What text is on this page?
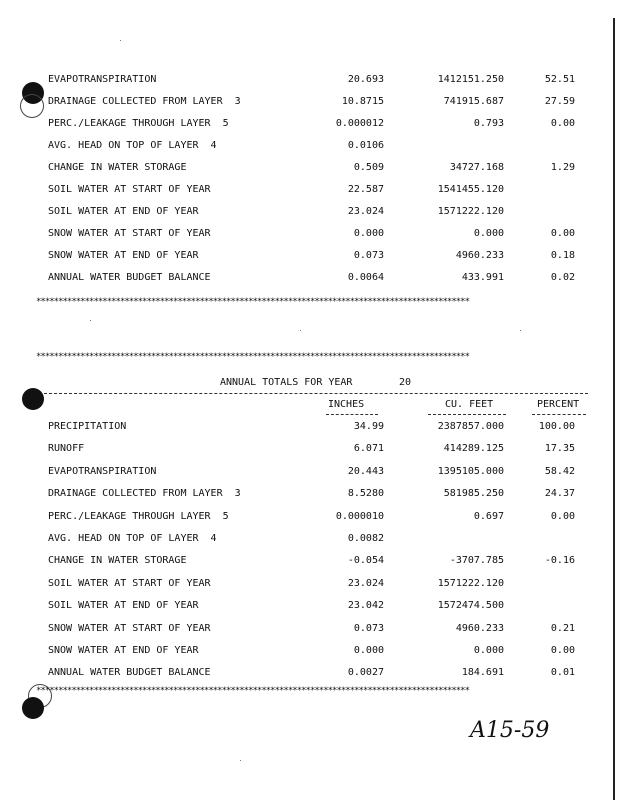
EVAPOTRANSPIRATION	20.693	1412151.250	52.51
DRAINAGE COLLECTED FROM LAYER  3	10.8715	741915.687	27.59
PERC./LEAKAGE THROUGH LAYER  5	0.000012	0.793	0.00
AVG. HEAD ON TOP OF LAYER  4	0.0106
CHANGE IN WATER STORAGE	0.509	34727.168	1.29
SOIL WATER AT START OF YEAR	22.587	1541455.120
SOIL WATER AT END OF YEAR	23.024	1571222.120
SNOW WATER AT START OF YEAR	0.000	0.000	0.00
SNOW WATER AT END OF YEAR	0.073	4960.233	0.18
ANNUAL WATER BUDGET BALANCE	0.0064	433.991	0.02
**************************************************************************************************
**************************************************************************************************
ANNUAL TOTALS FOR YEAR	20
INCHES	CU. FEET	PERCENT
PRECIPITATION	34.99	2387857.000	100.00
RUNOFF	6.071	414289.125	17.35
EVAPOTRANSPIRATION	20.443	1395105.000	58.42
DRAINAGE COLLECTED FROM LAYER  3	8.5280	581985.250	24.37
PERC./LEAKAGE THROUGH LAYER  5	0.000010	0.697	0.00
AVG. HEAD ON TOP OF LAYER  4	0.0082
CHANGE IN WATER STORAGE	-0.054	-3707.785	-0.16
SOIL WATER AT START OF YEAR	23.024	1571222.120
SOIL WATER AT END OF YEAR	23.042	1572474.500
SNOW WATER AT START OF YEAR	0.073	4960.233	0.21
SNOW WATER AT END OF YEAR	0.000	0.000	0.00
ANNUAL WATER BUDGET BALANCE	0.0027	184.691	0.01
**************************************************************************************************
A15-59
